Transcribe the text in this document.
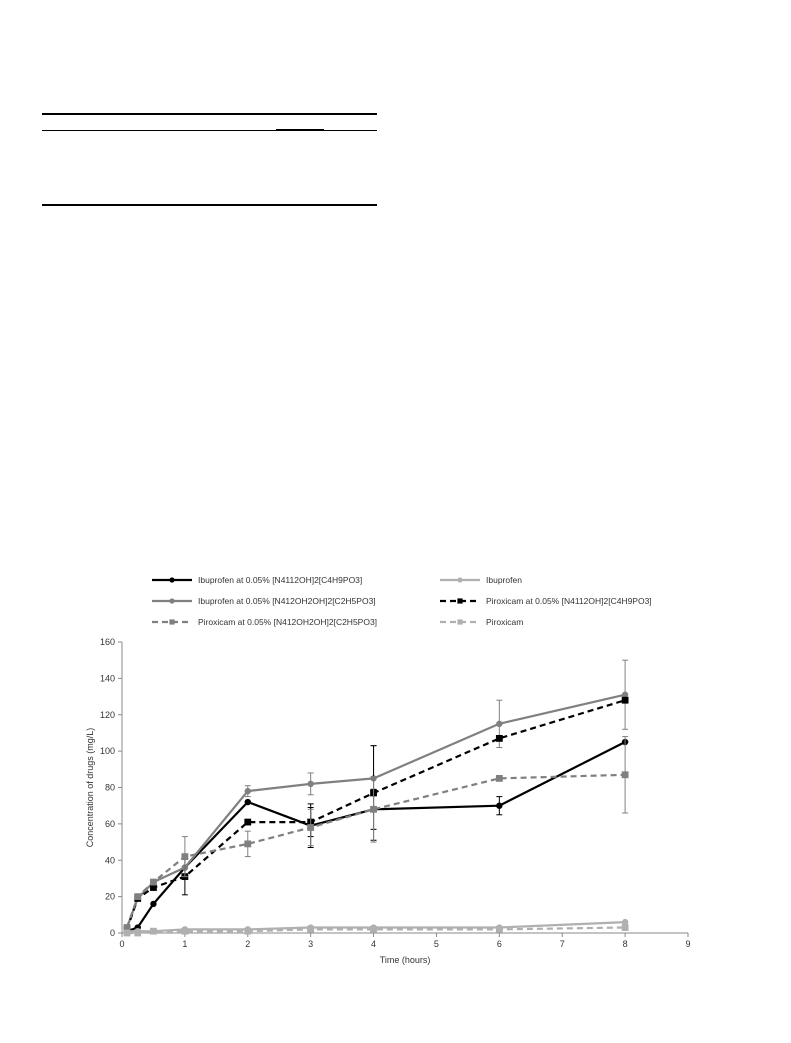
Ibuprofen at 0.05% [N4112OH]2[C4H9PO3]	Ibuprofen
Ibuprofen at 0.05% [N412OH2OH]2[C2H5PO3]	Piroxicam at 0.05% [N4112OH]2[C4H9PO3]
Piroxicam at 0.05% [N412OH2OH]2[C2H5PO3]	Piroxicam
0	1	2	3	4	5	6	7	8	9
0
20
40
60
80
100
120
140
160
Time (hours)
Concentration of drugs (mg/L)
